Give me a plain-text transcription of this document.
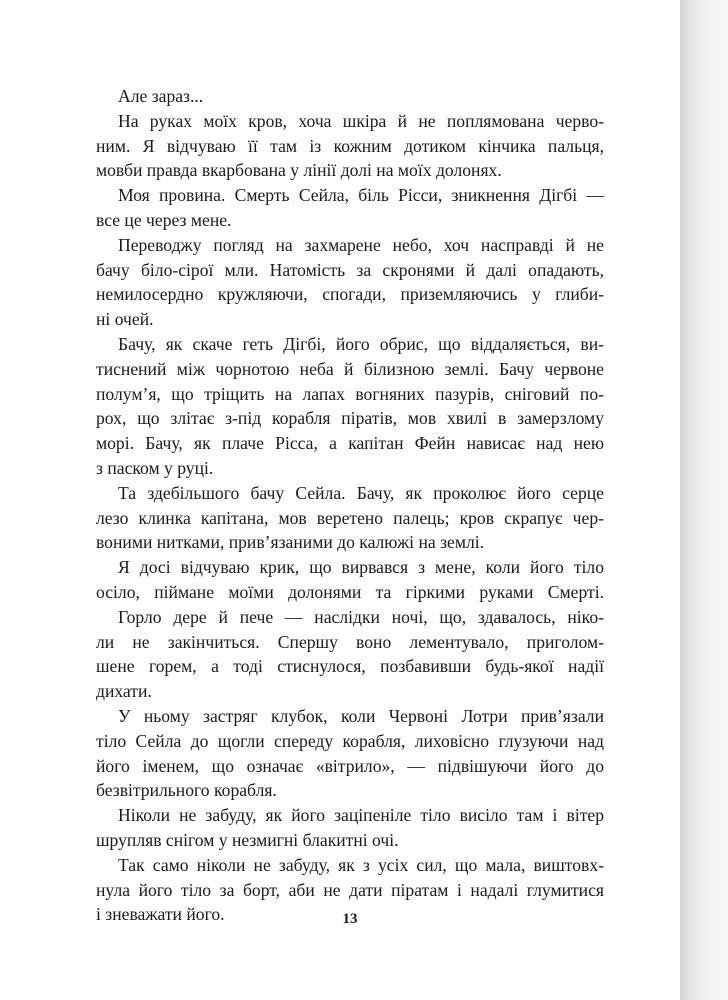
Але зараз...
На руках моїх кров, хоча шкіра й не поплямована черво-
ним. Я відчуваю її там із кожним дотиком кінчика пальця,
мовби правда вкарбована у лінії долі на моїх долонях.
Моя провина. Смерть Сейла, біль Рісси, зникнення Дігбі —
все це через мене.
Переводжу погляд на захмарене небо, хоч насправді й не
бачу біло-сірої мли. Натомість за скронями й далі опадають,
немилосердно кружляючи, спогади, приземляючись у глиби-
ні очей.
Бачу, як скаче геть Дігбі, його обрис, що віддаляється, ви-
тиснений між чорнотою неба й білизною землі. Бачу червоне
полум’я, що тріщить на лапах вогняних пазурів, сніговий по-
рох, що злітає з-під корабля піратів, мов хвилі в замерзлому
морі. Бачу, як плаче Рісса, а капітан Фейн нависає над нею
з паском у руці.
Та здебільшого бачу Сейла. Бачу, як проколює його серце
лезо клинка капітана, мов веретено палець; кров скрапує чер-
воними нитками, прив’язаними до калюжі на землі.
Я досі відчуваю крик, що вирвався з мене, коли його тіло
осіло, пійманe моїми долонями та гіркими руками Смерті.
Горло дере й пече — наслідки ночі, що, здавалось, ніко-
ли не закінчиться. Спершу воно лементувало, приголом-
шене горем, а тоді стиснулося, позбавивши будь-якої надії
дихати.
У ньому застряг клубок, коли Червоні Лотри прив’язали
тіло Сейла до щогли спереду корабля, лиховісно глузуючи над
його іменем, що означає «вітрило», — підвішуючи його до
безвітрильного корабля.
Ніколи не забуду, як його заціпеніле тіло висіло там і вітер
шрупляв снігом у незмигні блакитні очі.
Так само ніколи не забуду, як з усіх сил, що мала, виштовх-
нула його тіло за борт, аби не дати піратам і надалі глумитися
і зневажати його.	13
